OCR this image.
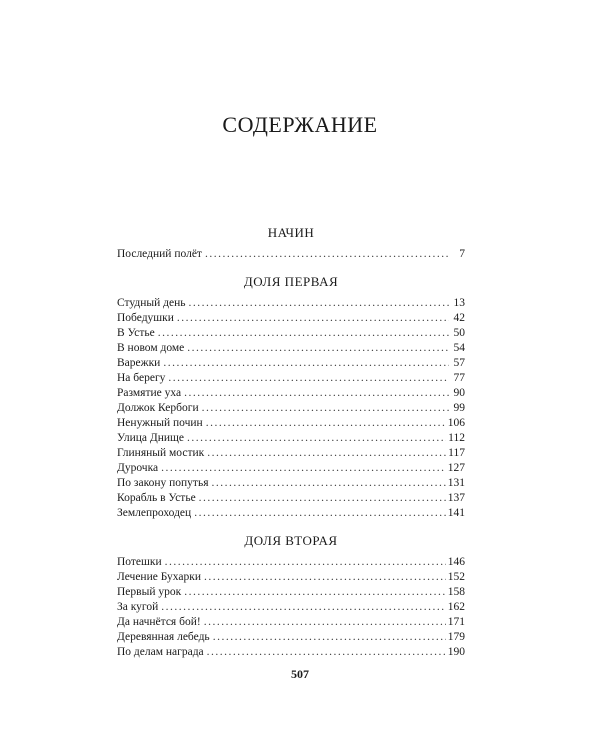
СОДЕРЖАНИЕ
НАЧИН
Последний полёт .....	7
ДОЛЯ ПЕРВАЯ
Студный день .....	13
Победушки .....	42
В Устье .....	50
В новом доме .....	54
Варежки .....	57
На берегу .....	77
Размятие уха .....	90
Должок Кербоги .....	99
Ненужный почин .....	106
Улица Днище .....	112
Глиняный мостик .....	117
Дурочка .....	127
По закону попутья .....	131
Корабль в Устье .....	137
Землепроходец .....	141
ДОЛЯ ВТОРАЯ
Потешки .....	146
Лечение Бухарки .....	152
Первый урок .....	158
За кугой .....	162
Да начнётся бой! .....	171
Деревянная лебедь .....	179
По делам награда .....	190
507
